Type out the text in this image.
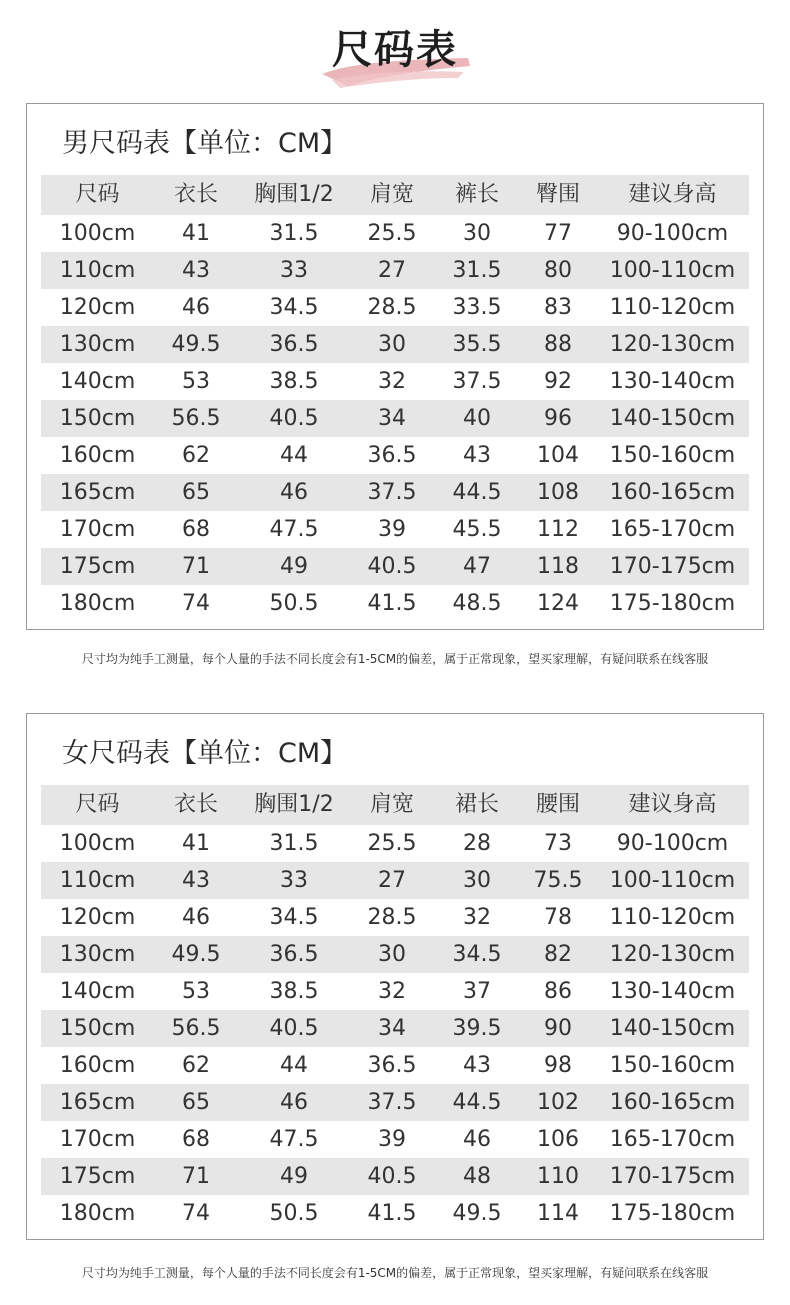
尺码表
男尺码表【单位：CM】
尺码	衣长	胸围1/2	肩宽	裤长	臀围	建议身高
100cm	41	31.5	25.5	30	77	90-100cm
110cm	43	33	27	31.5	80	100-110cm
120cm	46	34.5	28.5	33.5	83	110-120cm
130cm	49.5	36.5	30	35.5	88	120-130cm
140cm	53	38.5	32	37.5	92	130-140cm
150cm	56.5	40.5	34	40	96	140-150cm
160cm	62	44	36.5	43	104	150-160cm
165cm	65	46	37.5	44.5	108	160-165cm
170cm	68	47.5	39	45.5	112	165-170cm
175cm	71	49	40.5	47	118	170-175cm
180cm	74	50.5	41.5	48.5	124	175-180cm
尺寸均为纯手工测量，每个人量的手法不同长度会有1-5CM的偏差，属于正常现象，望买家理解，有疑问联系在线客服
女尺码表【单位：CM】
尺码	衣长	胸围1/2	肩宽	裙长	腰围	建议身高
100cm	41	31.5	25.5	28	73	90-100cm
110cm	43	33	27	30	75.5	100-110cm
120cm	46	34.5	28.5	32	78	110-120cm
130cm	49.5	36.5	30	34.5	82	120-130cm
140cm	53	38.5	32	37	86	130-140cm
150cm	56.5	40.5	34	39.5	90	140-150cm
160cm	62	44	36.5	43	98	150-160cm
165cm	65	46	37.5	44.5	102	160-165cm
170cm	68	47.5	39	46	106	165-170cm
175cm	71	49	40.5	48	110	170-175cm
180cm	74	50.5	41.5	49.5	114	175-180cm
尺寸均为纯手工测量，每个人量的手法不同长度会有1-5CM的偏差，属于正常现象，望买家理解，有疑问联系在线客服
